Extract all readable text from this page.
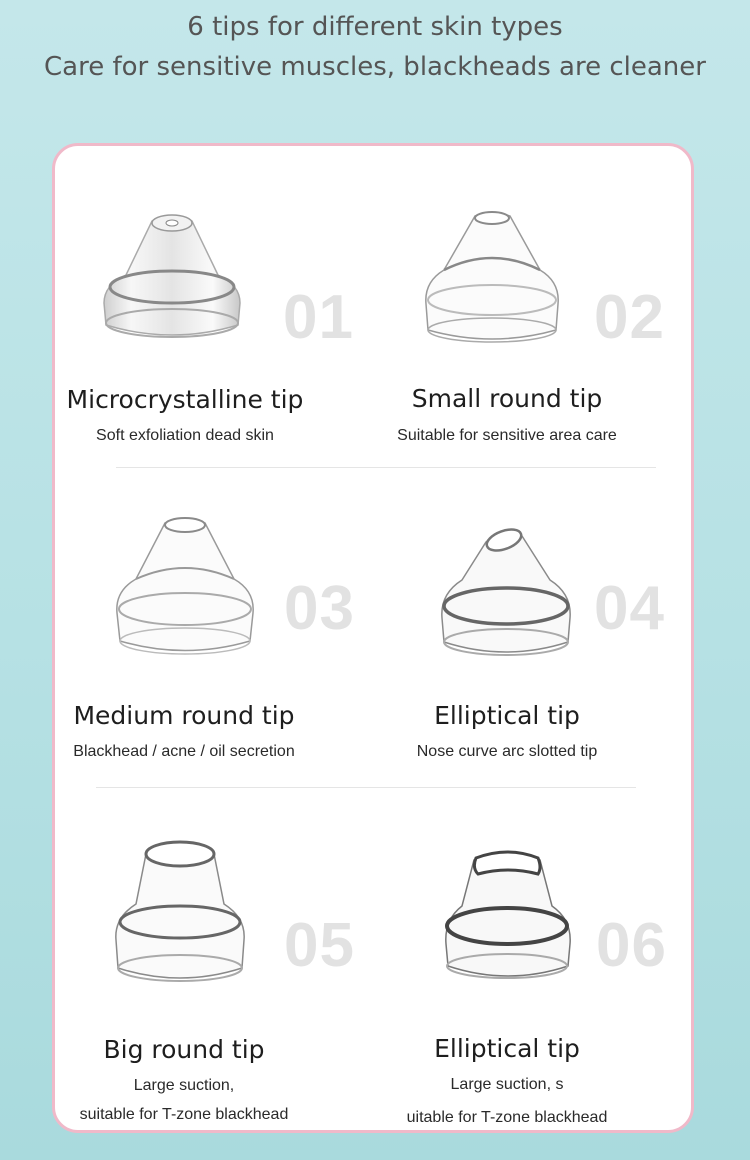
6 tips for different skin types
Care for sensitive muscles, blackheads are cleaner
01
Microcrystalline tip
Soft exfoliation dead skin
02
Small round tip
Suitable for sensitive area care
03
Medium round tip
Blackhead / acne / oil secretion
04
Elliptical tip
Nose curve arc slotted tip
05
Big round tip
Large suction,
suitable for T-zone blackhead
06
Elliptical tip
Large suction, s
uitable for T-zone blackhead
